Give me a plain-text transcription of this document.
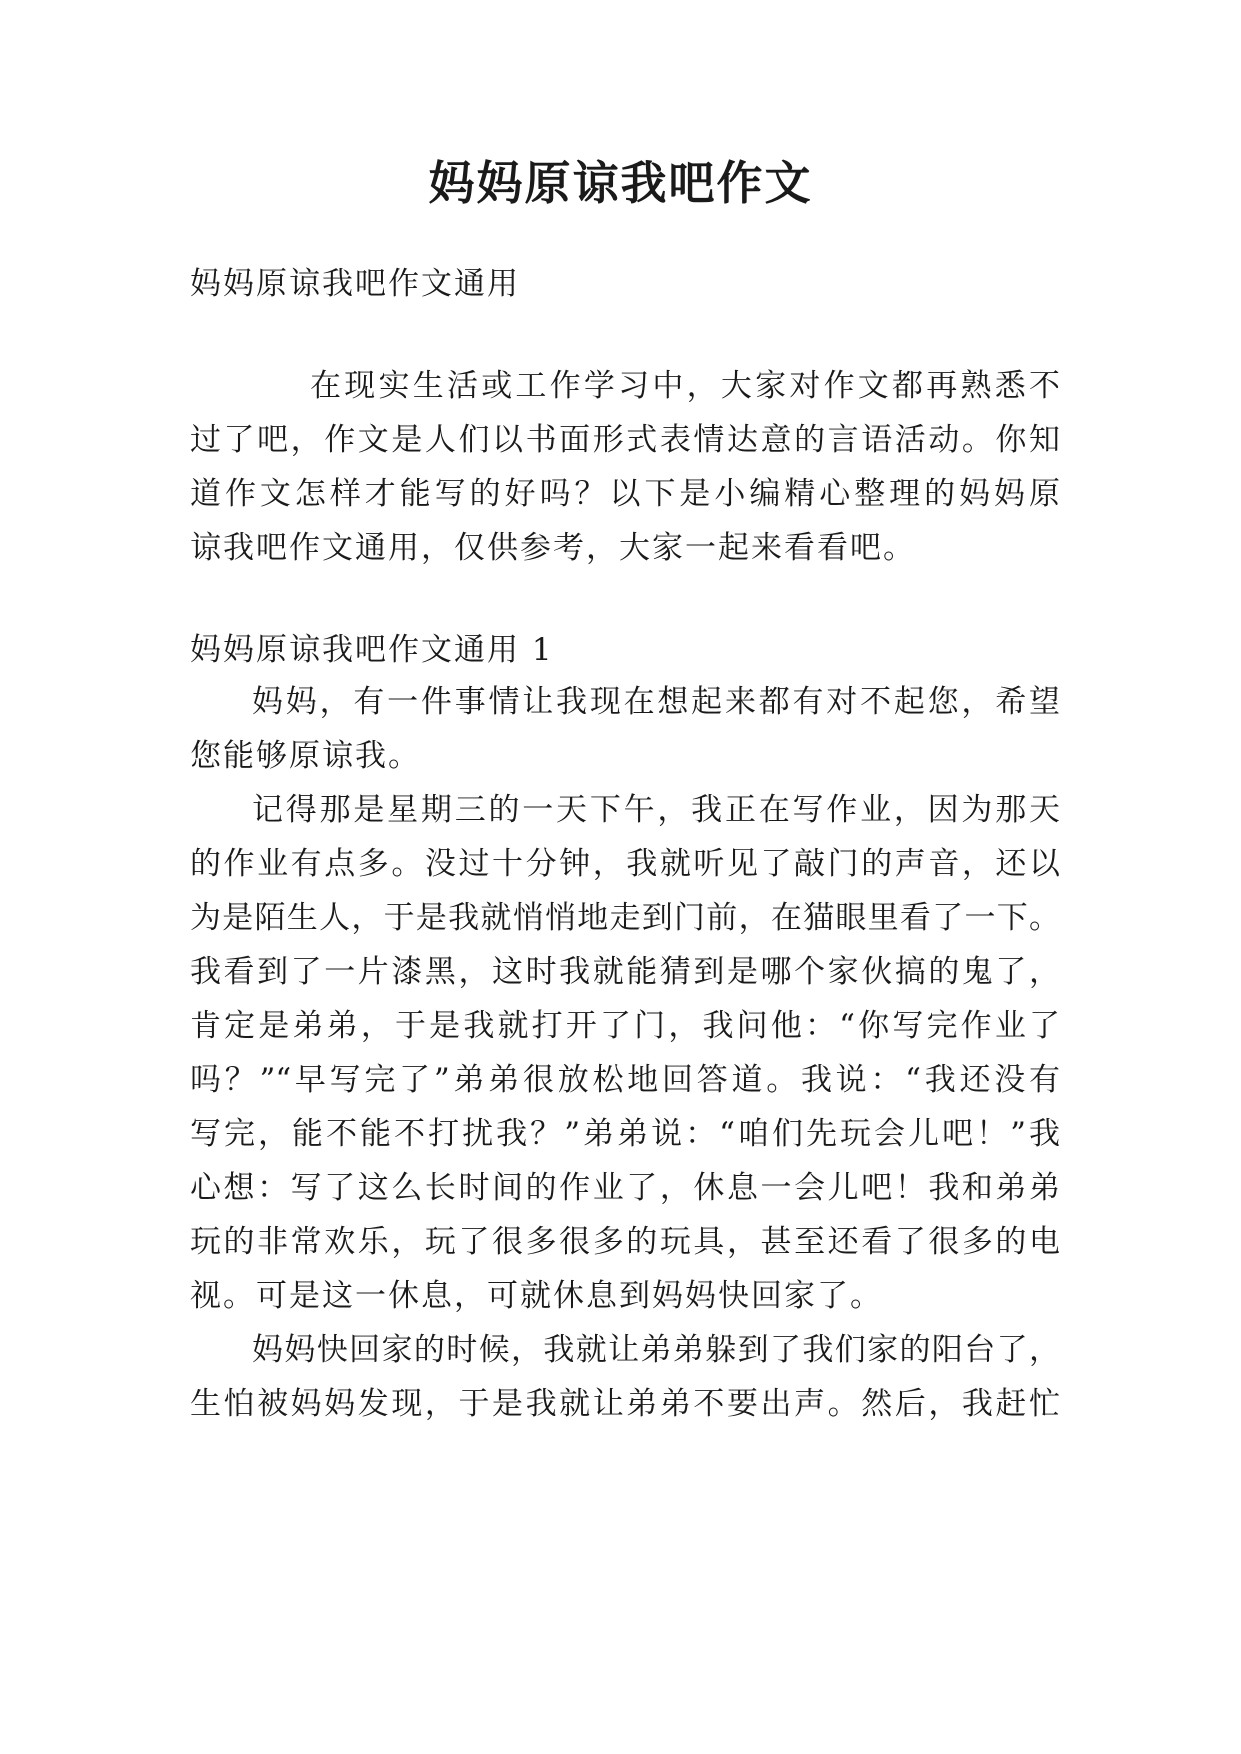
妈妈原谅我吧作文
妈妈原谅我吧作文通用
在现实生活或工作学习中，大家对作文都再熟悉不
过了吧，作文是人们以书面形式表情达意的言语活动。你知
道作文怎样才能写的好吗？以下是小编精心整理的妈妈原
谅我吧作文通用，仅供参考，大家一起来看看吧。
妈妈原谅我吧作文通用 1
妈妈，有一件事情让我现在想起来都有对不起您，希望
您能够原谅我。
记得那是星期三的一天下午，我正在写作业，因为那天
的作业有点多。没过十分钟，我就听见了敲门的声音，还以
为是陌生人，于是我就悄悄地走到门前，在猫眼里看了一下。
我看到了一片漆黑，这时我就能猜到是哪个家伙搞的鬼了，
肯定是弟弟，于是我就打开了门，我问他：“你写完作业了
吗？”“早写完了”弟弟很放松地回答道。我说：“我还没有
写完，能不能不打扰我？”弟弟说：“咱们先玩会儿吧！”我
心想：写了这么长时间的作业了，休息一会儿吧！我和弟弟
玩的非常欢乐，玩了很多很多的玩具，甚至还看了很多的电
视。可是这一休息，可就休息到妈妈快回家了。
妈妈快回家的时候，我就让弟弟躲到了我们家的阳台了，
生怕被妈妈发现，于是我就让弟弟不要出声。然后，我赶忙
